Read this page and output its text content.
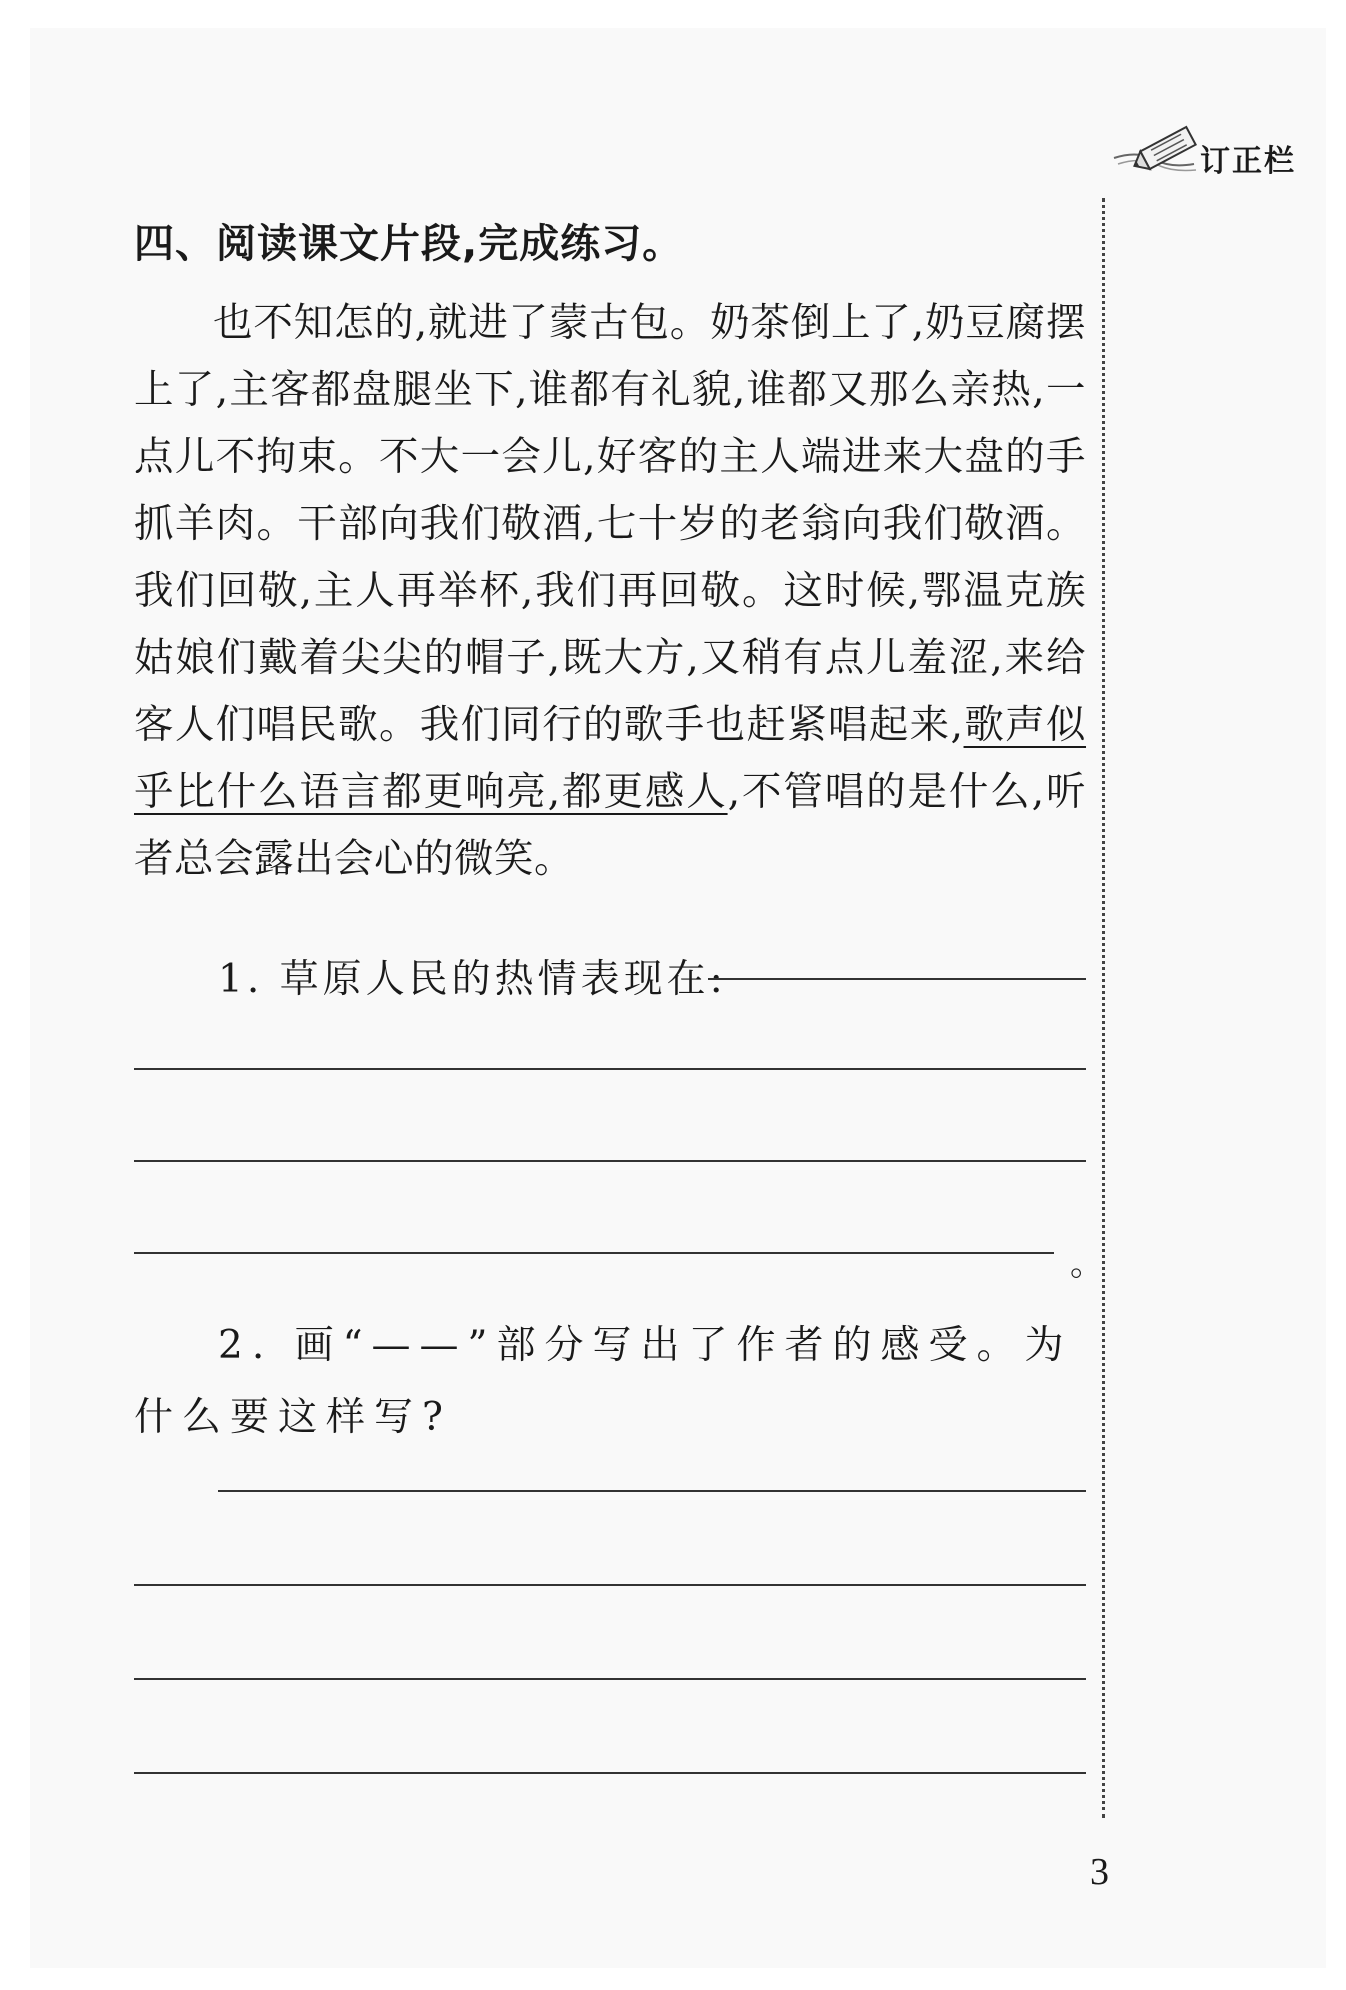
订正栏
四、阅读课文片段,完成练习。
也不知怎的,就进了蒙古包。奶茶倒上了,奶豆腐摆上了,主客都盘腿坐下,谁都有礼貌,谁都又那么亲热,一点儿不拘束。不大一会儿,好客的主人端进来大盘的手抓羊肉。干部向我们敬酒,七十岁的老翁向我们敬酒。我们回敬,主人再举杯,我们再回敬。这时候,鄂温克族姑娘们戴着尖尖的帽子,既大方,又稍有点儿羞涩,来给客人们唱民歌。我们同行的歌手也赶紧唱起来,歌声似乎比什么语言都更响亮,都更感人,不管唱的是什么,听者总会露出会心的微笑。
1. 草原人民的热情表现在:
。
2. 画“——”部分写出了作者的感受。为什么要这样写?
3
